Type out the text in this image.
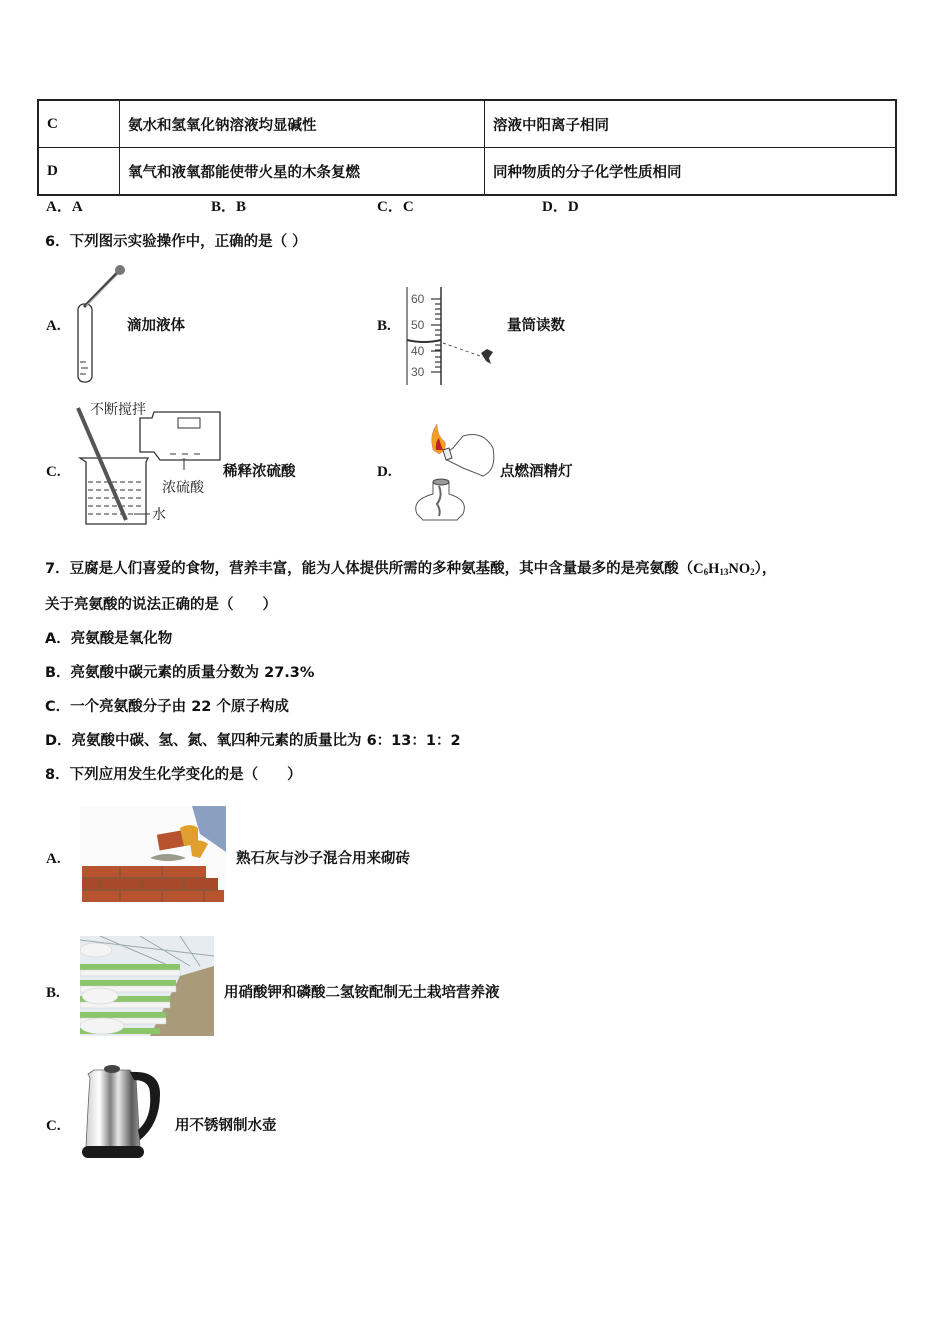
C	氨水和氢氧化钠溶液均显碱性	溶液中阳离子相同
D	氧气和液氧都能使带火星的木条复燃	同种物质的分子化学性质相同
A．A	B．B	C．C	D．D
6．下列图示实验操作中，正确的是（ ）
A.	滴加液体	B.
60
50
40
30
量筒读数
C.
不断搅拌
浓硫酸
水
稀释浓硫酸	D.	点燃酒精灯
7．豆腐是人们喜爱的食物，营养丰富，能为人体提供所需的多种氨基酸，其中含量最多的是亮氨酸$(C_6H_{13}NO_2)$，
关于亮氨酸的说法正确的是（　　）
A．亮氨酸是氧化物
B．亮氨酸中碳元素的质量分数为 27.3%
C．一个亮氨酸分子由 22 个原子构成
D．亮氨酸中碳、氢、氮、氧四种元素的质量比为 6：13：1：2
8．下列应用发生化学变化的是（　　）
A.	熟石灰与沙子混合用来砌砖
B.	用硝酸钾和磷酸二氢铵配制无土栽培营养液
C.	用不锈钢制水壶
